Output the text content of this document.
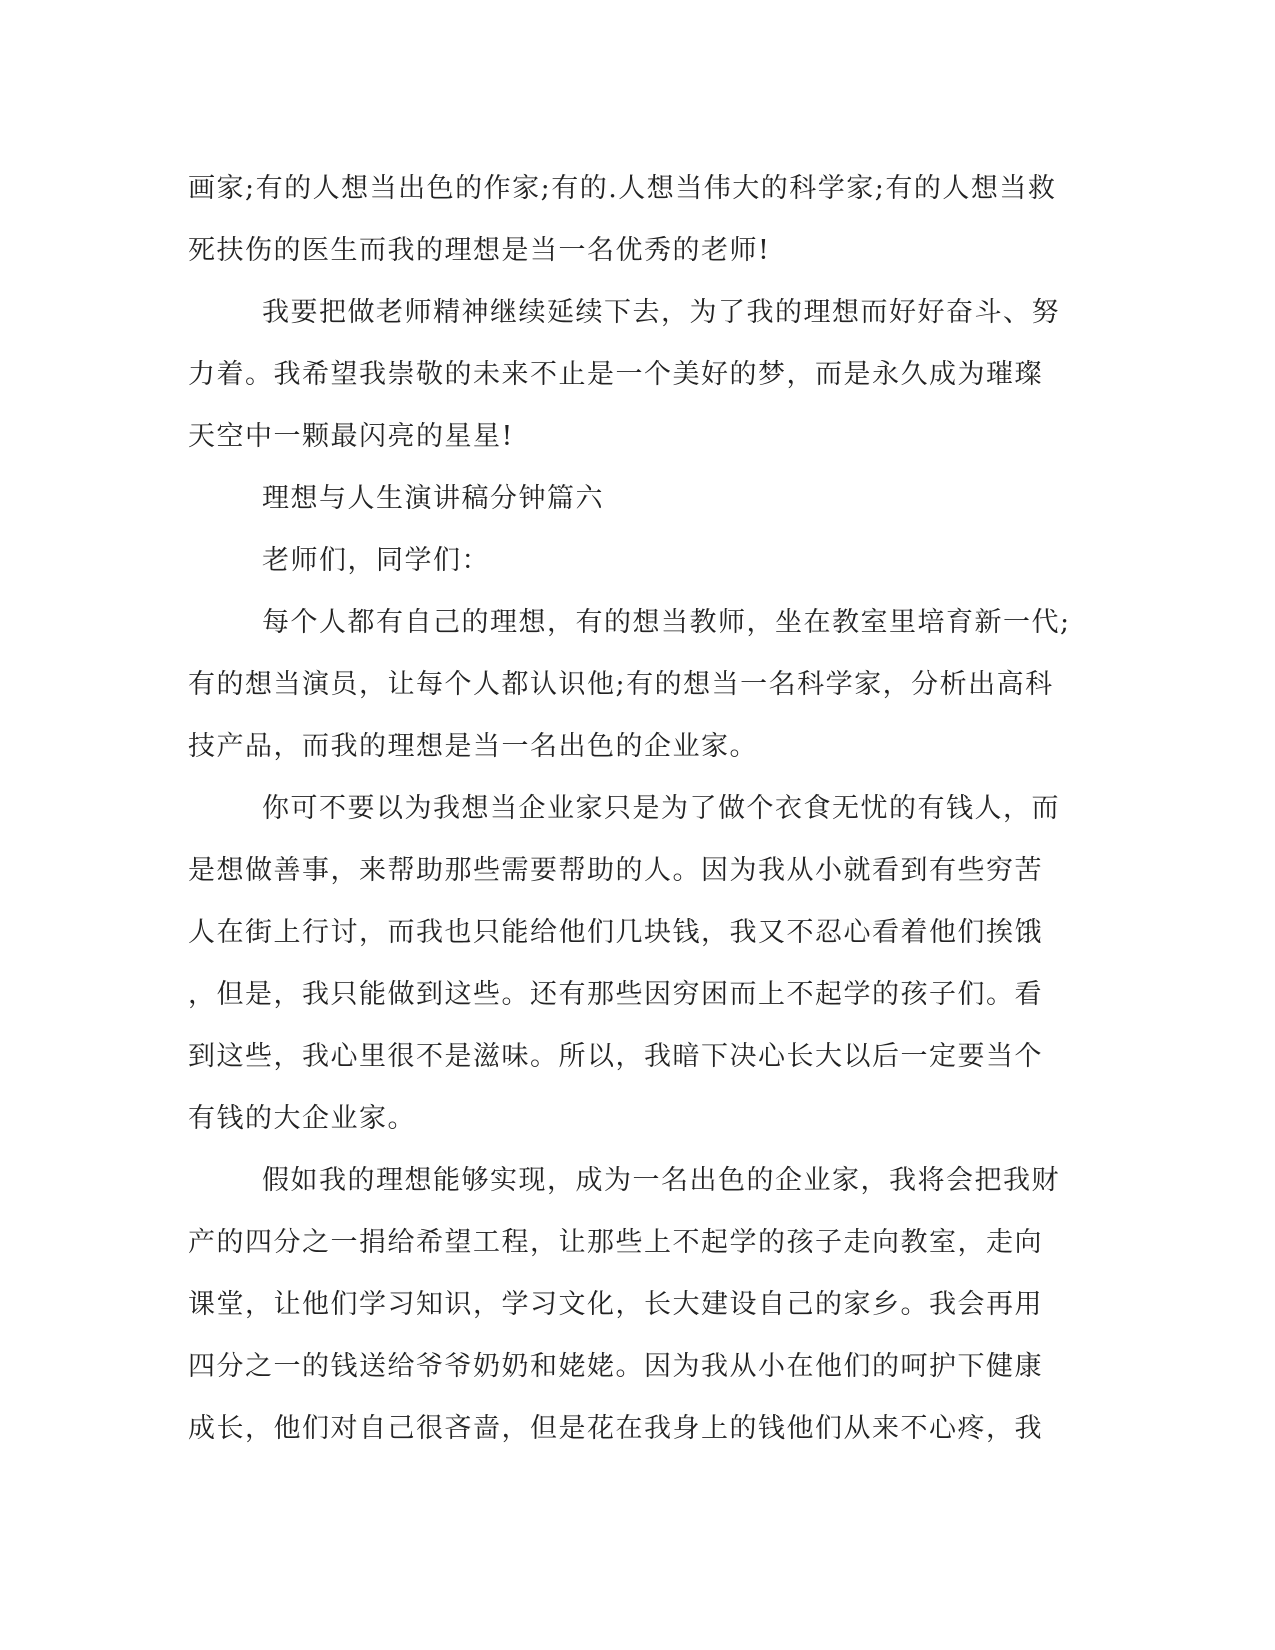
画家;有的人想当出色的作家;有的.人想当伟大的科学家;有的人想当救
死扶伤的医生而我的理想是当一名优秀的老师!
我要把做老师精神继续延续下去，为了我的理想而好好奋斗、努
力着。我希望我崇敬的未来不止是一个美好的梦，而是永久成为璀璨
天空中一颗最闪亮的星星!
理想与人生演讲稿分钟篇六
老师们，同学们：
每个人都有自己的理想，有的想当教师，坐在教室里培育新一代;
有的想当演员，让每个人都认识他;有的想当一名科学家，分析出高科
技产品，而我的理想是当一名出色的企业家。
你可不要以为我想当企业家只是为了做个衣食无忧的有钱人，而
是想做善事，来帮助那些需要帮助的人。因为我从小就看到有些穷苦
人在街上行讨，而我也只能给他们几块钱，我又不忍心看着他们挨饿
，但是，我只能做到这些。还有那些因穷困而上不起学的孩子们。看
到这些，我心里很不是滋味。所以，我暗下决心长大以后一定要当个
有钱的大企业家。
假如我的理想能够实现，成为一名出色的企业家，我将会把我财
产的四分之一捐给希望工程，让那些上不起学的孩子走向教室，走向
课堂，让他们学习知识，学习文化，长大建设自己的家乡。我会再用
四分之一的钱送给爷爷奶奶和姥姥。因为我从小在他们的呵护下健康
成长，他们对自己很吝啬，但是花在我身上的钱他们从来不心疼，我
